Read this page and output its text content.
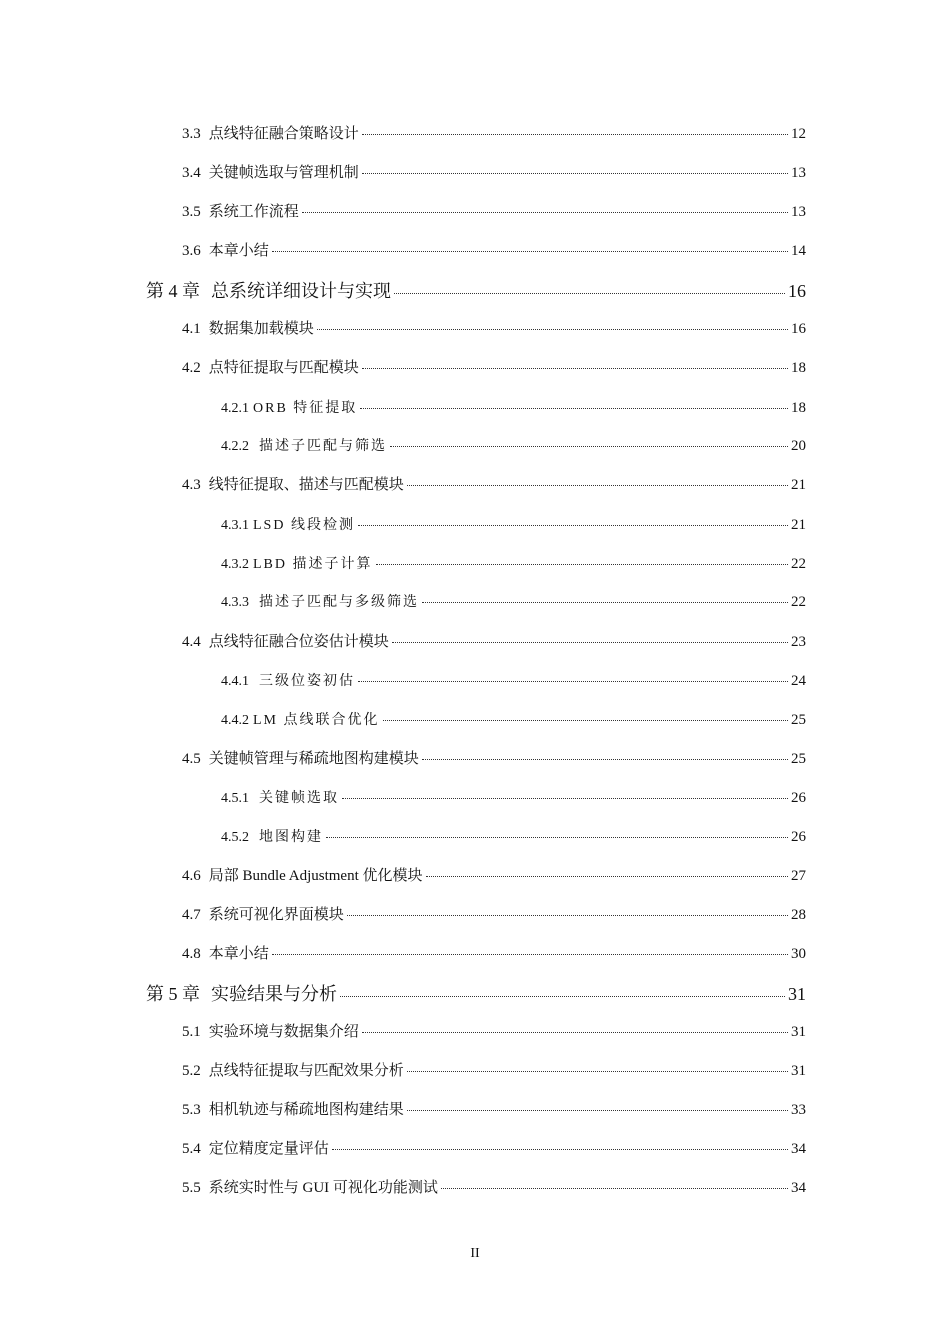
3.3 点线特征融合策略设计	12
3.4 关键帧选取与管理机制	13
3.5 系统工作流程	13
3.6 本章小结	14
第 4 章 总系统详细设计与实现	16
4.1 数据集加载模块	16
4.2 点特征提取与匹配模块	18
4.2.1 ORB 特征提取	18
4.2.2 描述子匹配与筛选	20
4.3 线特征提取、描述与匹配模块	21
4.3.1 LSD 线段检测	21
4.3.2 LBD 描述子计算	22
4.3.3 描述子匹配与多级筛选	22
4.4 点线特征融合位姿估计模块	23
4.4.1 三级位姿初估	24
4.4.2 LM 点线联合优化	25
4.5 关键帧管理与稀疏地图构建模块	25
4.5.1 关键帧选取	26
4.5.2 地图构建	26
4.6 局部 Bundle Adjustment 优化模块	27
4.7 系统可视化界面模块	28
4.8 本章小结	30
第 5 章 实验结果与分析	31
5.1 实验环境与数据集介绍	31
5.2 点线特征提取与匹配效果分析	31
5.3 相机轨迹与稀疏地图构建结果	33
5.4 定位精度定量评估	34
5.5 系统实时性与 GUI 可视化功能测试	34
II
